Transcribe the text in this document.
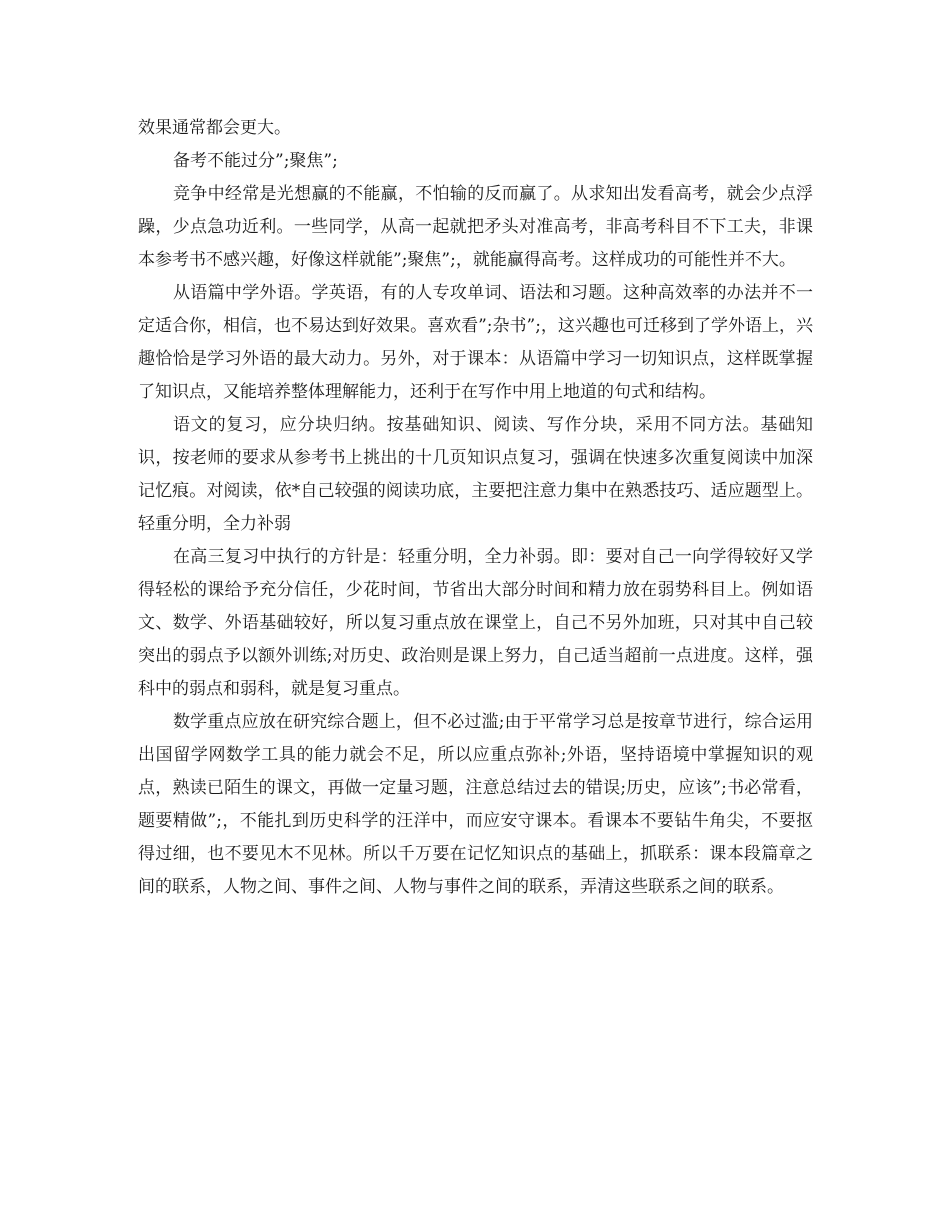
效果通常都会更大。

备考不能过分”;聚焦”;

竞争中经常是光想赢的不能赢，不怕输的反而赢了。从求知出发看高考，就会少点浮躁，少点急功近利。一些同学，从高一起就把矛头对准高考，非高考科目不下工夫，非课本参考书不感兴趣，好像这样就能”;聚焦”;，就能赢得高考。这样成功的可能性并不大。

从语篇中学外语。学英语，有的人专攻单词、语法和习题。这种高效率的办法并不一定适合你，相信，也不易达到好效果。喜欢看”;杂书”;，这兴趣也可迁移到了学外语上，兴趣恰恰是学习外语的最大动力。另外，对于课本：从语篇中学习一切知识点，这样既掌握了知识点，又能培养整体理解能力，还利于在写作中用上地道的句式和结构。

语文的复习，应分块归纳。按基础知识、阅读、写作分块，采用不同方法。基础知识，按老师的要求从参考书上挑出的十几页知识点复习，强调在快速多次重复阅读中加深记忆痕。对阅读，依*自己较强的阅读功底，主要把注意力集中在熟悉技巧、适应题型上。 轻重分明，全力补弱

在高三复习中执行的方针是：轻重分明，全力补弱。即：要对自己一向学得较好又学得轻松的课给予充分信任，少花时间，节省出大部分时间和精力放在弱势科目上。例如语文、数学、外语基础较好，所以复习重点放在课堂上，自己不另外加班，只对其中自己较突出的弱点予以额外训练;对历史、政治则是课上努力，自己适当超前一点进度。这样，强科中的弱点和弱科，就是复习重点。

数学重点应放在研究综合题上，但不必过滥;由于平常学习总是按章节进行，综合运用出国留学网数学工具的能力就会不足，所以应重点弥补;外语，坚持语境中掌握知识的观点，熟读已陌生的课文，再做一定量习题，注意总结过去的错误;历史，应该”;书必常看，题要精做”;，不能扎到历史科学的汪洋中，而应安守课本。看课本不要钻牛角尖，不要抠得过细，也不要见木不见林。所以千万要在记忆知识点的基础上，抓联系：课本段篇章之间的联系，人物之间、事件之间、人物与事件之间的联系，弄清这些联系之间的联系。
